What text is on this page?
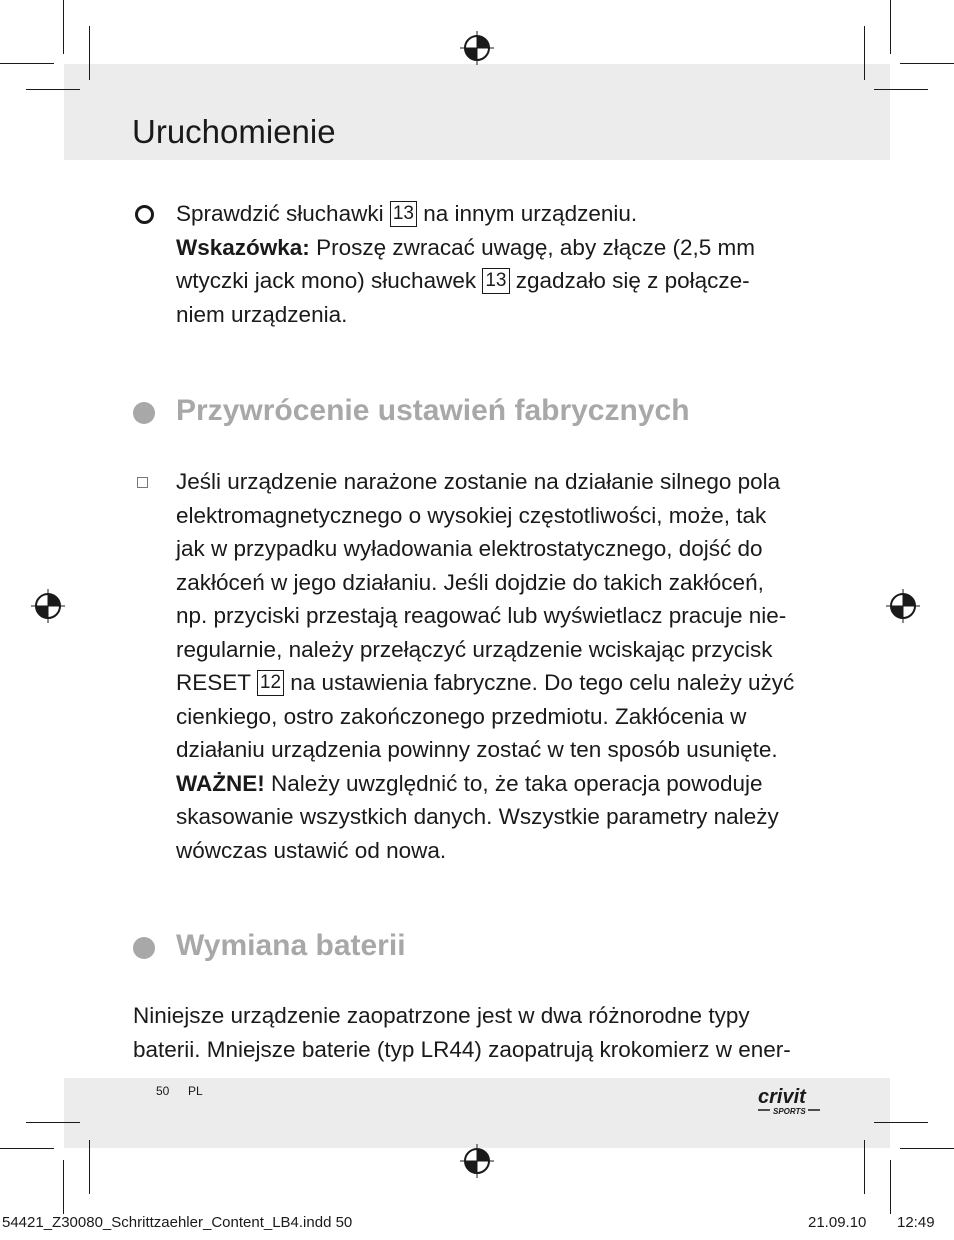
Uruchomienie

Sprawdzić słuchawki 13 na innym urządzeniu.
Wskazówka: Proszę zwracać uwagę, aby złącze (2,5 mm
wtyczki jack mono) słuchawek 13 zgadzało się z połącze-
niem urządzenia.

Przywrócenie ustawień fabrycznych

Jeśli urządzenie narażone zostanie na działanie silnego pola
elektromagnetycznego o wysokiej częstotliwości, może, tak
jak w przypadku wyładowania elektrostatycznego, dojść do
zakłóceń w jego działaniu. Jeśli dojdzie do takich zakłóceń,
np. przyciski przestają reagować lub wyświetlacz pracuje nie-
regularnie, należy przełączyć urządzenie wciskając przycisk
RESET 12 na ustawienia fabryczne. Do tego celu należy użyć
cienkiego, ostro zakończonego przedmiotu. Zakłócenia w
działaniu urządzenia powinny zostać w ten sposób usunięte.
WAŻNE! Należy uwzględnić to, że taka operacja powoduje
skasowanie wszystkich danych. Wszystkie parametry należy
wówczas ustawić od nowa.

Wymiana baterii

Niniejsze urządzenie zaopatrzone jest w dwa różnorodne typy
baterii. Mniejsze baterie (typ LR44) zaopatrują krokomierz w ener-

50 PL	crivit
SPORTS
54421_Z30080_Schrittzaehler_Content_LB4.indd 50	21.09.10 12:49
